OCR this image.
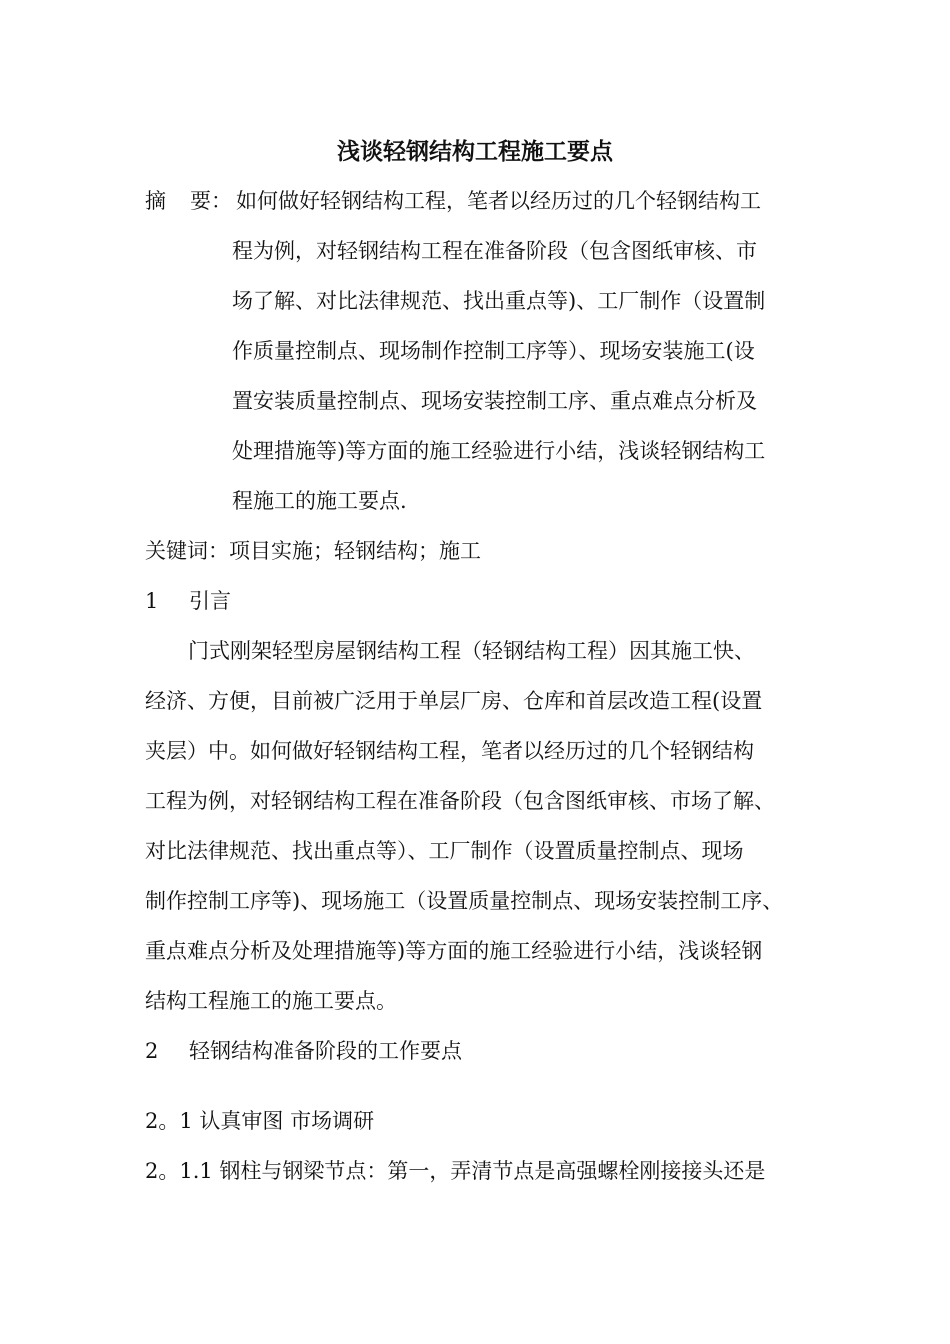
浅谈轻钢结构工程施工要点
摘 要： 如何做好轻钢结构工程，笔者以经历过的几个轻钢结构工
程为例，对轻钢结构工程在准备阶段（包含图纸审核、市
场了解、对比法律规范、找出重点等)、工厂制作（设置制
作质量控制点、现场制作控制工序等）、现场安装施工(设
置安装质量控制点、现场安装控制工序、重点难点分析及
处理措施等)等方面的施工经验进行小结，浅谈轻钢结构工
程施工的施工要点.
关键词：项目实施；轻钢结构；施工
1 引言
门式刚架轻型房屋钢结构工程（轻钢结构工程）因其施工快、
经济、方便，目前被广泛用于单层厂房、仓库和首层改造工程(设置
夹层）中。如何做好轻钢结构工程，笔者以经历过的几个轻钢结构
工程为例，对轻钢结构工程在准备阶段（包含图纸审核、市场了解、
对比法律规范、找出重点等）、工厂制作（设置质量控制点、现场
制作控制工序等)、现场施工（设置质量控制点、现场安装控制工序、
重点难点分析及处理措施等)等方面的施工经验进行小结，浅谈轻钢
结构工程施工的施工要点。
2 轻钢结构准备阶段的工作要点
2。1 认真审图 市场调研
2。1.1 钢柱与钢梁节点：第一，弄清节点是高强螺栓刚接接头还是
